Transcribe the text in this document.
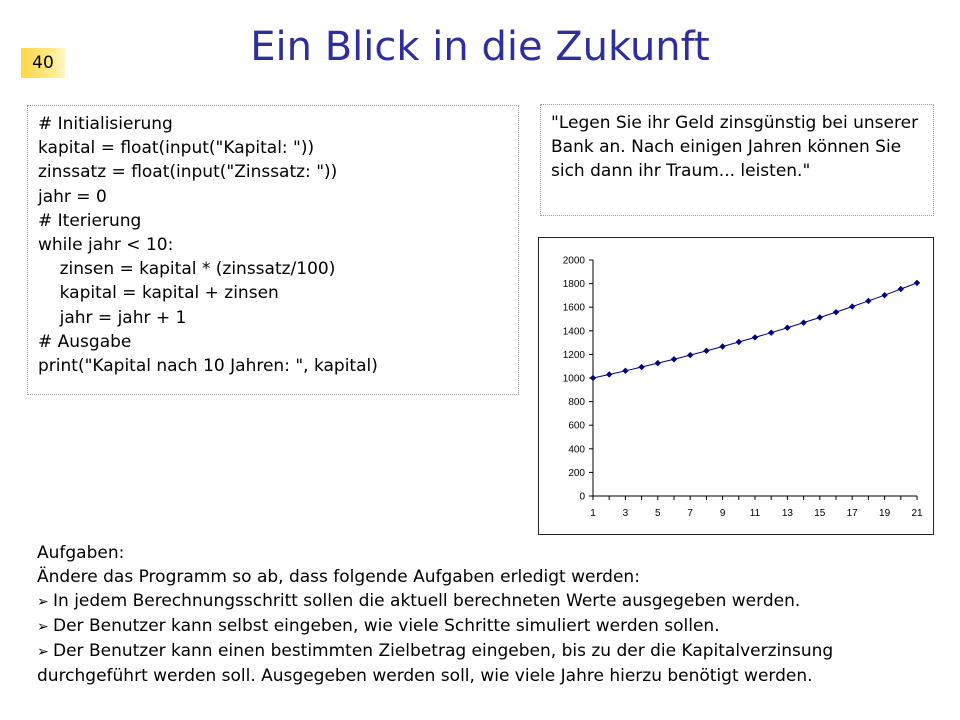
40	Ein Blick in die Zukunft
# Initialisierung
kapital = float(input("Kapital: "))
zinssatz = float(input("Zinssatz: "))
jahr = 0
# Iterierung
while jahr < 10:
zinsen = kapital * (zinssatz/100)
kapital = kapital + zinsen
jahr = jahr + 1
# Ausgabe
print("Kapital nach 10 Jahren: ", kapital)
"Legen Sie ihr Geld zinsgünstig bei unserer Bank an. Nach einigen Jahren können Sie sich dann ihr Traum... leisten."
0
200
400
600
800
1000
1200
1400
1600
1800
2000
1	3	5	7	9 11 13 15 17 19 21
Aufgaben:
Ändere das Programm so ab, dass folgende Aufgaben erledigt werden:
➢ In jedem Berechnungsschritt sollen die aktuell berechneten Werte ausgegeben werden.
➢ Der Benutzer kann selbst eingeben, wie viele Schritte simuliert werden sollen.
➢ Der Benutzer kann einen bestimmten Zielbetrag eingeben, bis zu der die Kapitalverzinsung durchgeführt werden soll. Ausgegeben werden soll, wie viele Jahre hierzu benötigt werden.
